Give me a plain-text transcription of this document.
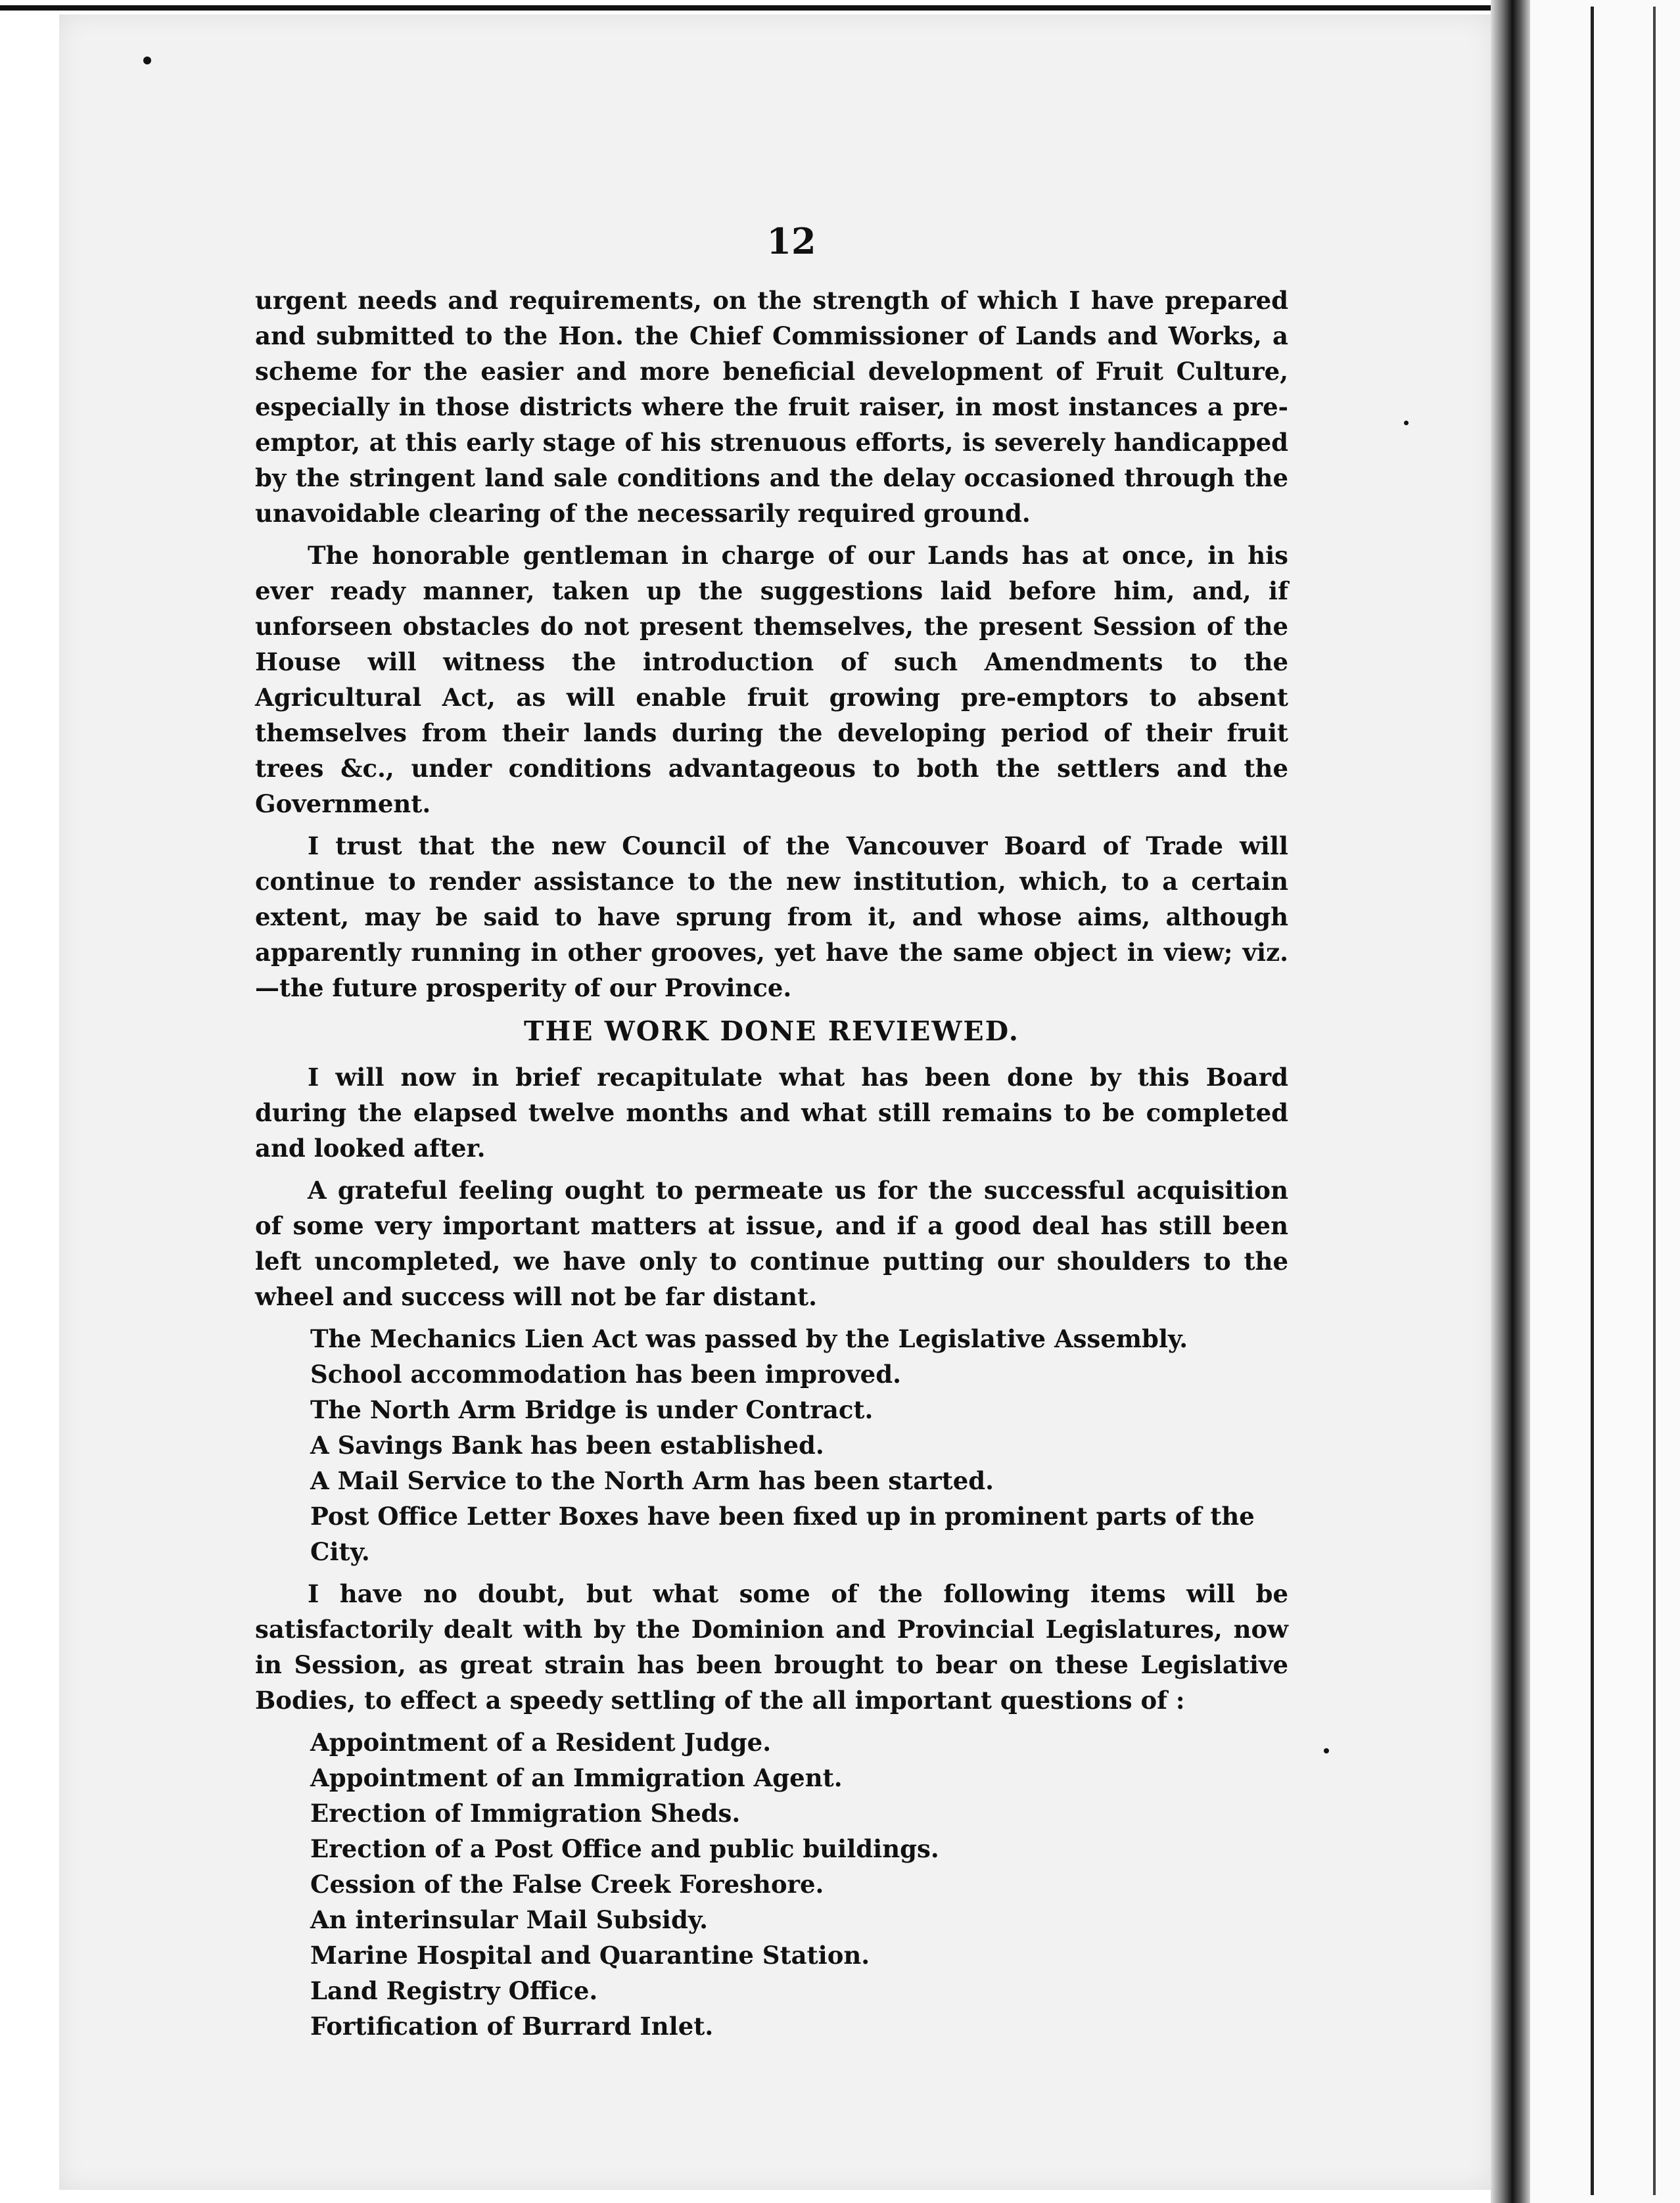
12

urgent needs and requirements, on the strength of which I have prepared and submitted to the Hon. the Chief Commissioner of Lands and Works, a scheme for the easier and more beneficial development of Fruit Culture, especially in those districts where the fruit raiser, in most instances a pre-emptor, at this early stage of his strenuous efforts, is severely handicapped by the stringent land sale conditions and the delay occasioned through the unavoidable clearing of the necessarily required ground.

The honorable gentleman in charge of our Lands has at once, in his ever ready manner, taken up the suggestions laid before him, and, if unforseen obstacles do not present themselves, the present Session of the House will witness the introduction of such Amendments to the Agricultural Act, as will enable fruit growing pre-emptors to absent themselves from their lands during the developing period of their fruit trees &c., under conditions advantageous to both the settlers and the Government.

I trust that the new Council of the Vancouver Board of Trade will continue to render assistance to the new institution, which, to a certain extent, may be said to have sprung from it, and whose aims, although apparently running in other grooves, yet have the same object in view; viz.—the future prosperity of our Province.

THE WORK DONE REVIEWED.

I will now in brief recapitulate what has been done by this Board during the elapsed twelve months and what still remains to be completed and looked after.

A grateful feeling ought to permeate us for the successful acquisition of some very important matters at issue, and if a good deal has still been left uncompleted, we have only to continue putting our shoulders to the wheel and success will not be far distant.

The Mechanics Lien Act was passed by the Legislative Assembly.
School accommodation has been improved.
The North Arm Bridge is under Contract.
A Savings Bank has been established.
A Mail Service to the North Arm has been started.
Post Office Letter Boxes have been fixed up in prominent parts of the City.

I have no doubt, but what some of the following items will be satisfactorily dealt with by the Dominion and Provincial Legislatures, now in Session, as great strain has been brought to bear on these Legislative Bodies, to effect a speedy settling of the all important questions of :

Appointment of a Resident Judge.
Appointment of an Immigration Agent.
Erection of Immigration Sheds.
Erection of a Post Office and public buildings.
Cession of the False Creek Foreshore.
An interinsular Mail Subsidy.
Marine Hospital and Quarantine Station.
Land Registry Office.
Fortification of Burrard Inlet.
